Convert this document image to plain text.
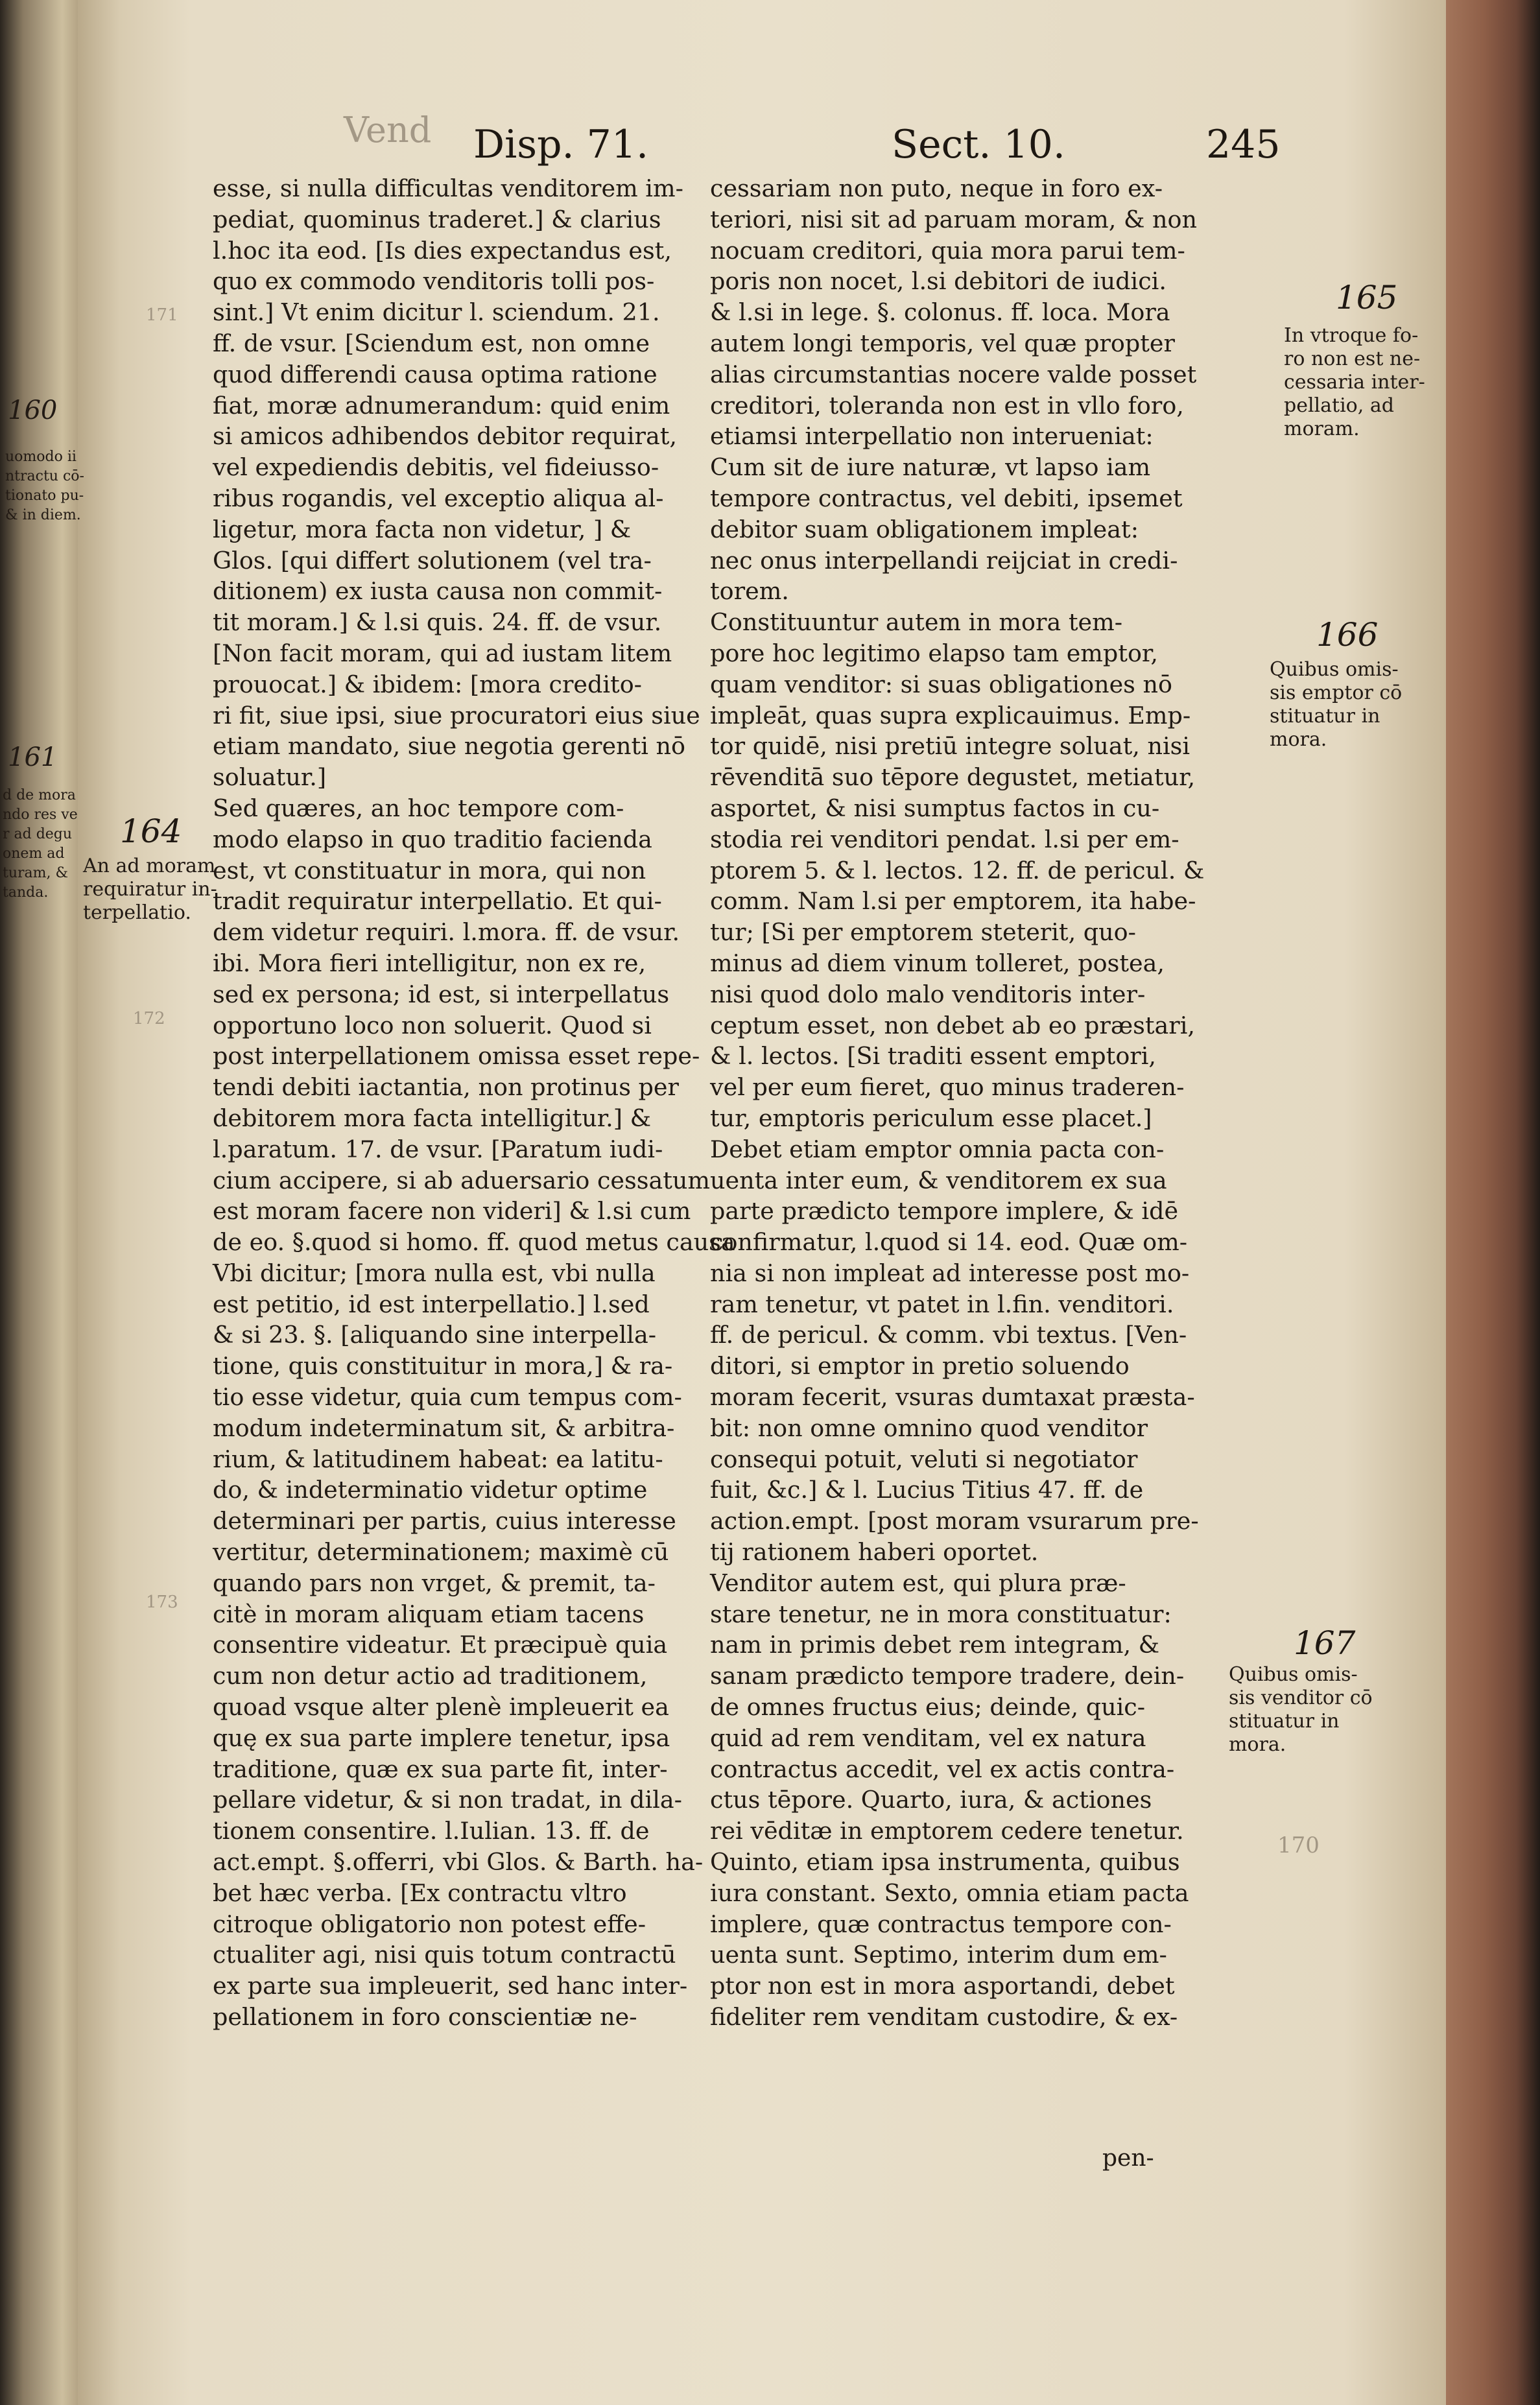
Vend
171
172
173
170
160
uomodo ii
ntractu cō-
tionato pu-
& in diem.
161
d de mora
ndo res ve
r ad degu
onem ad
turam, &
tanda.
Disp. 71.	Sect. 10.	245
esse, si nulla difficultas venditorem im-
pediat, quominus traderet.] & clarius
l.hoc ita eod. [Is dies expectandus est,
quo ex commodo venditoris tolli pos-
sint.] Vt enim dicitur l. sciendum. 21.
ff. de vsur. [Sciendum est, non omne
quod differendi causa optima ratione
fiat, moræ adnumerandum: quid enim
si amicos adhibendos debitor requirat,
vel expediendis debitis, vel fideiusso-
ribus rogandis, vel exceptio aliqua al-
ligetur, mora facta non videtur, ] &
Glos. [qui differt solutionem (vel tra-
ditionem) ex iusta causa non commit-
tit moram.] & l.si quis. 24. ff. de vsur.
[Non facit moram, qui ad iustam litem
prouocat.] & ibidem: [mora credito-
ri fit, siue ipsi, siue procuratori eius siue
etiam mandato, siue negotia gerenti nō
soluatur.]
Sed quæres, an hoc tempore com-
modo elapso in quo traditio facienda
est, vt constituatur in mora, qui non
tradit requiratur interpellatio. Et qui-
dem videtur requiri. l.mora. ff. de vsur.
ibi. Mora fieri intelligitur, non ex re,
sed ex persona; id est, si interpellatus
opportuno loco non soluerit. Quod si
post interpellationem omissa esset repe-
tendi debiti iactantia, non protinus per
debitorem mora facta intelligitur.] &
l.paratum. 17. de vsur. [Paratum iudi-
cium accipere, si ab aduersario cessatum
est moram facere non videri] & l.si cum
de eo. §.quod si homo. ff. quod metus causa
Vbi dicitur; [mora nulla est, vbi nulla
est petitio, id est interpellatio.] l.sed
& si 23. §. [aliquando sine interpella-
tione, quis constituitur in mora,] & ra-
tio esse videtur, quia cum tempus com-
modum indeterminatum sit, & arbitra-
rium, & latitudinem habeat: ea latitu-
do, & indeterminatio videtur optime
determinari per partis, cuius interesse
vertitur, determinationem; maximè cū
quando pars non vrget, & premit, ta-
citè in moram aliquam etiam tacens
consentire videatur. Et præcipuè quia
cum non detur actio ad traditionem,
quoad vsque alter plenè impleuerit ea
quę ex sua parte implere tenetur, ipsa
traditione, quæ ex sua parte fit, inter-
pellare videtur, & si non tradat, in dila-
tionem consentire. l.Iulian. 13. ff. de
act.empt. §.offerri, vbi Glos. & Barth. ha-
bet hæc verba. [Ex contractu vltro
citroque obligatorio non potest effe-
ctualiter agi, nisi quis totum contractū
ex parte sua impleuerit, sed hanc inter-
pellationem in foro conscientiæ ne-
cessariam non puto, neque in foro ex-
teriori, nisi sit ad paruam moram, & non
nocuam creditori, quia mora parui tem-
poris non nocet, l.si debitori de iudici.
& l.si in lege. §. colonus. ff. loca. Mora
autem longi temporis, vel quæ propter
alias circumstantias nocere valde posset
creditori, toleranda non est in vllo foro,
etiamsi interpellatio non interueniat:
Cum sit de iure naturæ, vt lapso iam
tempore contractus, vel debiti, ipsemet
debitor suam obligationem impleat:
nec onus interpellandi reijciat in credi-
torem.
Constituuntur autem in mora tem-
pore hoc legitimo elapso tam emptor,
quam venditor: si suas obligationes nō
impleāt, quas supra explicauimus. Emp-
tor quidē, nisi pretiū integre soluat, nisi
rēvenditā suo tēpore degustet, metiatur,
asportet, & nisi sumptus factos in cu-
stodia rei venditori pendat. l.si per em-
ptorem 5. & l. lectos. 12. ff. de pericul. &
comm. Nam l.si per emptorem, ita habe-
tur; [Si per emptorem steterit, quo-
minus ad diem vinum tolleret, postea,
nisi quod dolo malo venditoris inter-
ceptum esset, non debet ab eo præstari,
& l. lectos. [Si traditi essent emptori,
vel per eum fieret, quo minus traderen-
tur, emptoris periculum esse placet.]
Debet etiam emptor omnia pacta con-
uenta inter eum, & venditorem ex sua
parte prædicto tempore implere, & idē
confirmatur, l.quod si 14. eod. Quæ om-
nia si non impleat ad interesse post mo-
ram tenetur, vt patet in l.fin. venditori.
ff. de pericul. & comm. vbi textus. [Ven-
ditori, si emptor in pretio soluendo
moram fecerit, vsuras dumtaxat præsta-
bit: non omne omnino quod venditor
consequi potuit, veluti si negotiator
fuit, &c.] & l. Lucius Titius 47. ff. de
action.empt. [post moram vsurarum pre-
tij rationem haberi oportet.
Venditor autem est, qui plura præ-
stare tenetur, ne in mora constituatur:
nam in primis debet rem integram, &
sanam prædicto tempore tradere, dein-
de omnes fructus eius; deinde, quic-
quid ad rem venditam, vel ex natura
contractus accedit, vel ex actis contra-
ctus tēpore. Quarto, iura, & actiones
rei vēditæ in emptorem cedere tenetur.
Quinto, etiam ipsa instrumenta, quibus
iura constant. Sexto, omnia etiam pacta
implere, quæ contractus tempore con-
uenta sunt. Septimo, interim dum em-
ptor non est in mora asportandi, debet
fideliter rem venditam custodire, & ex-
pen-
164
An ad moram
requiratur in-
terpellatio.
165
In vtroque fo-
ro non est ne-
cessaria inter-
pellatio, ad
moram.
166
Quibus omis-
sis emptor cō
stituatur in
mora.
167
Quibus omis-
sis venditor cō
stituatur in
mora.
